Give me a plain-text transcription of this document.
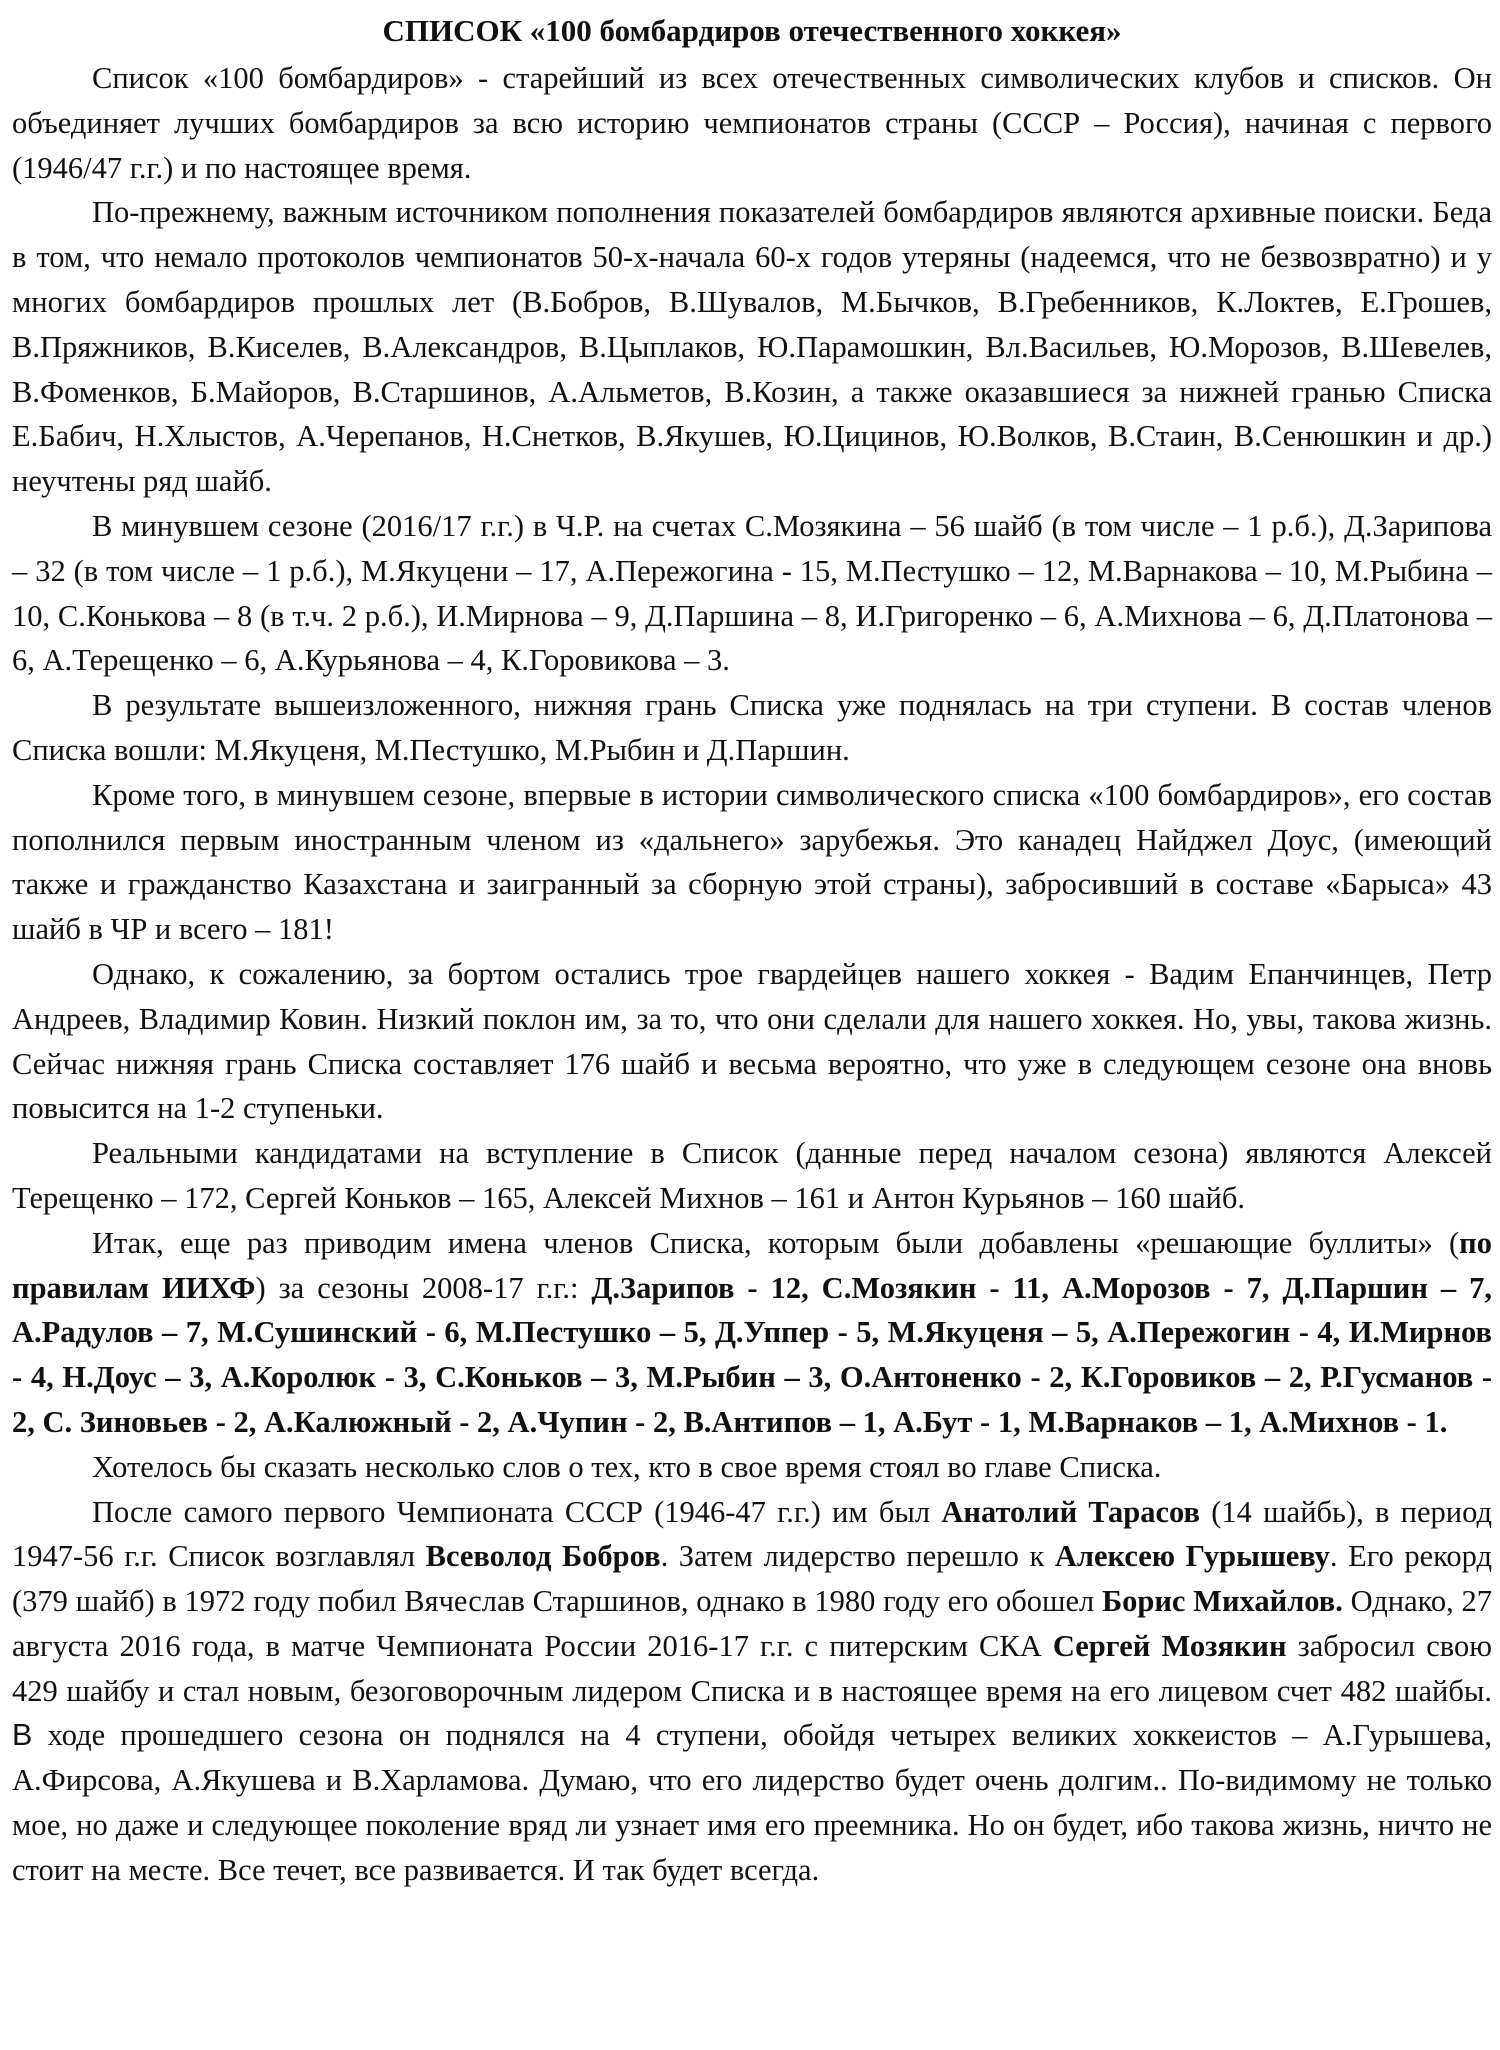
СПИСОК «100 бомбардиров отечественного хоккея»

Список «100 бомбардиров» - старейший из всех отечественных символических клубов и списков. Он объединяет лучших бомбардиров за всю историю чемпионатов страны (СССР – Россия), начиная с первого (1946/47 г.г.) и по настоящее время.

По-прежнему, важным источником пополнения показателей бомбардиров являются архивные поиски. Беда в том, что немало протоколов чемпионатов 50-х-начала 60-х годов утеряны (надеемся, что не безвозвратно) и у многих бомбардиров прошлых лет (В.Бобров, В.Шувалов, М.Бычков, В.Гребенников, К.Локтев, Е.Грошев, В.Пряжников, В.Киселев, В.Александров, В.Цыплаков, Ю.Парамошкин, Вл.Васильев, Ю.Морозов, В.Шевелев, В.Фоменков, Б.Майоров, В.Старшинов, А.Альметов, В.Козин, а также оказавшиеся за нижней гранью Списка Е.Бабич, Н.Хлыстов, А.Черепанов, Н.Снетков, В.Якушев, Ю.Цицинов, Ю.Волков, В.Стаин, В.Сенюшкин и др.) неучтены ряд шайб.

В минувшем сезоне (2016/17 г.г.) в Ч.Р. на счетах С.Мозякина – 56 шайб (в том числе – 1 р.б.), Д.Зарипова – 32 (в том числе – 1 р.б.), М.Якуцени – 17, А.Пережогина - 15, М.Пестушко – 12, М.Варнакова – 10, М.Рыбина – 10, С.Конькова – 8 (в т.ч. 2 р.б.), И.Мирнова – 9, Д.Паршина – 8, И.Григоренко – 6, А.Михнова – 6, Д.Платонова – 6, А.Терещенко – 6, А.Курьянова – 4, К.Горовикова – 3.

В результате вышеизложенного, нижняя грань Списка уже поднялась на три ступени. В состав членов Списка вошли: М.Якуценя, М.Пестушко, М.Рыбин и Д.Паршин.

Кроме того, в минувшем сезоне, впервые в истории символического списка «100 бомбардиров», его состав пополнился первым иностранным членом из «дальнего» зарубежья. Это канадец Найджел Доус, (имеющий также и гражданство Казахстана и заигранный за сборную этой страны), забросивший в составе «Барыса» 43 шайб в ЧР и всего – 181!

Однако, к сожалению, за бортом остались трое гвардейцев нашего хоккея - Вадим Епанчинцев, Петр Андреев, Владимир Ковин. Низкий поклон им, за то, что они сделали для нашего хоккея. Но, увы, такова жизнь. Сейчас нижняя грань Списка составляет 176 шайб и весьма вероятно, что уже в следующем сезоне она вновь повысится на 1-2 ступеньки.

Реальными кандидатами на вступление в Список (данные перед началом сезона) являются Алексей Терещенко – 172, Сергей Коньков – 165, Алексей Михнов – 161 и Антон Курьянов – 160 шайб.

Итак, еще раз приводим имена членов Списка, которым были добавлены «решающие буллиты» (по правилам ИИХФ) за сезоны 2008-17 г.г.: Д.Зарипов - 12, С.Мозякин - 11, А.Морозов - 7, Д.Паршин – 7, А.Радулов – 7, М.Сушинский - 6, М.Пестушко – 5, Д.Уппер - 5, М.Якуценя – 5, А.Пережогин - 4, И.Мирнов - 4, Н.Доус – 3, А.Королюк - 3, С.Коньков – 3, М.Рыбин – 3, О.Антоненко - 2, К.Горовиков – 2, Р.Гусманов - 2, С. Зиновьев - 2, А.Калюжный - 2, А.Чупин - 2, В.Антипов – 1, А.Бут - 1, М.Варнаков – 1, А.Михнов - 1.

Хотелось бы сказать несколько слов о тех, кто в свое время стоял во главе Списка.

После самого первого Чемпионата СССР (1946-47 г.г.) им был Анатолий Тарасов (14 шайбь), в период 1947-56 г.г. Список возглавлял Всеволод Бобров. Затем лидерство перешло к Алексею Гурышеву. Его рекорд (379 шайб) в 1972 году побил Вячеслав Старшинов, однако в 1980 году его обошел Борис Михайлов. Однако, 27 августа 2016 года, в матче Чемпионата России 2016-17 г.г. с питерским СКА Сергей Мозякин забросил свою 429 шайбу и стал новым, безоговорочным лидером Списка и в настоящее время на его лицевом счет 482 шайбы. В ходе прошедшего сезона он поднялся на 4 ступени, обойдя четырех великих хоккеистов – А.Гурышева, А.Фирсова, А.Якушева и В.Харламова. Думаю, что его лидерство будет очень долгим.. По-видимому не только мое, но даже и следующее поколение вряд ли узнает имя его преемника. Но он будет, ибо такова жизнь, ничто не стоит на месте. Все течет, все развивается. И так будет всегда.
